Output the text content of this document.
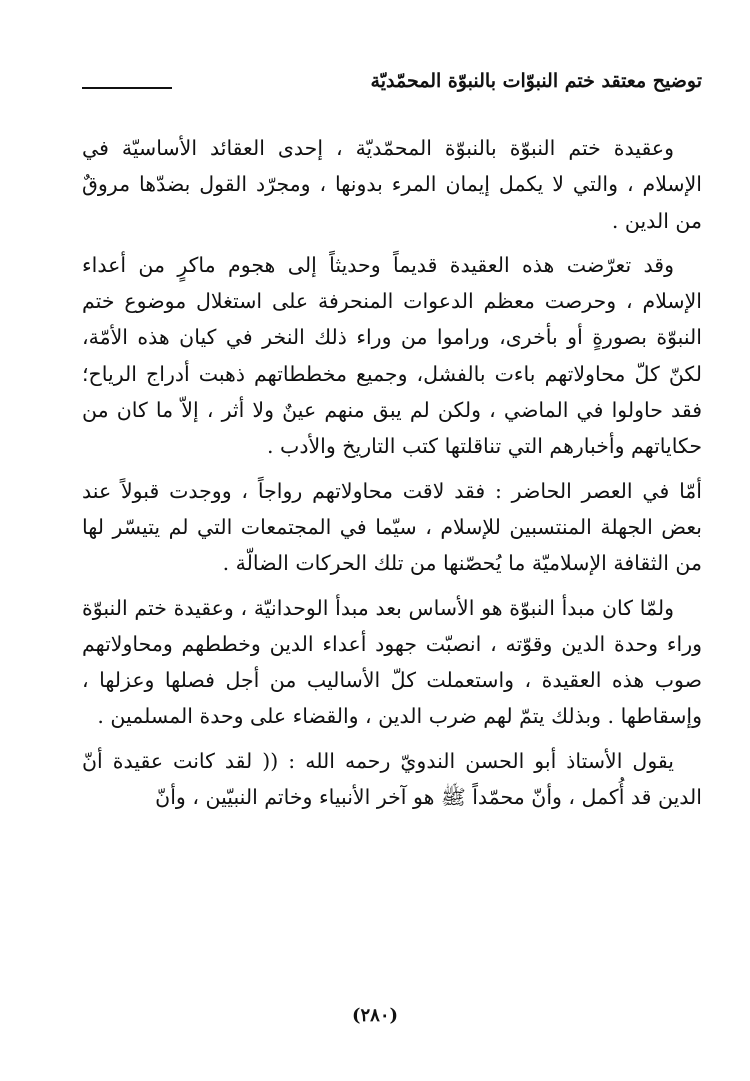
توضيح معتقد ختم النبوّات بالنبوّة المحمّديّة

وعقيدة ختم النبوّة بالنبوّة المحمّديّة ، إحدى العقائد الأساسيّة في الإسلام ، والتي لا يكمل إيمان المرء بدونها ، ومجرّد القول بضدّها مروقٌ من الدين .

وقد تعرّضت هذه العقيدة قديماً وحديثاً إلى هجوم ماكرٍ من أعداء الإسلام ، وحرصت معظم الدعوات المنحرفة على استغلال موضوع ختم النبوّة بصورةٍ أو بأخرى، وراموا من وراء ذلك النخر في كيان هذه الأمّة، لكنّ كلّ محاولاتهم باءت بالفشل، وجميع مخططاتهم ذهبت أدراج الرياح؛ فقد حاولوا في الماضي ، ولكن لم يبق منهم عينٌ ولا أثر ، إلاّ ما كان من حكاياتهم وأخبارهم التي تناقلتها كتب التاريخ والأدب .

أمّا في العصر الحاضر : فقد لاقت محاولاتهم رواجاً ، ووجدت قبولاً عند بعض الجهلة المنتسبين للإسلام ، سيّما في المجتمعات التي لم يتيسّر لها من الثقافة الإسلاميّة ما يُحصّنها من تلك الحركات الضالّة .

ولمّا كان مبدأ النبوّة هو الأساس بعد مبدأ الوحدانيّة ، وعقيدة ختم النبوّة وراء وحدة الدين وقوّته ، انصبّت جهود أعداء الدين وخططهم ومحاولاتهم صوب هذه العقيدة ، واستعملت كلّ الأساليب من أجل فصلها وعزلها ، وإسقاطها . وبذلك يتمّ لهم ضرب الدين ، والقضاء على وحدة المسلمين .

يقول الأستاذ أبو الحسن الندويّ رحمه الله : (( لقد كانت عقيدة أنّ الدين قد أُكمل ، وأنّ محمّداً ﷺ هو آخر الأنبياء وخاتم النبيّين ، وأنّ

(٢٨٠)
